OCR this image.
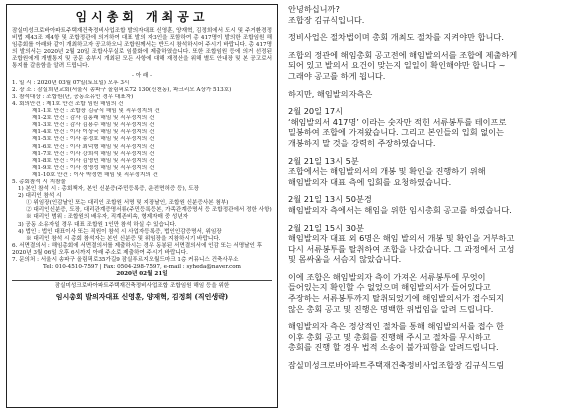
임시총회 개최공고
잠실미성크로바아파트주택재건축정비사업조합 발의자대표 신영훈, 양재혁, 김정희에서 도시 및 주거환경정비법 제43조 제4항 및 조합정관에 의거하여 대표 발의 자3인을 포함하여 총 417명이 발의한 조합임원 해임총회를 아래와 같이 개최하고자 공고하오니 조합원께서는 반드시 참석하시어 주시기 바랍니다. 총 417명의 발의서는 2020년 2월 20일 조합사무실로 임불화에 제출하였습니다. 또한 조합임원 등에 의거 선정된 조합원에게 개별통지 및 공문 송부시 개최된 모든 사항에 대해 재정산을 위해 별도 안내장 및 본 공고로서 통지를 갈음함을 알려 드립니다.
- 아 래 -
1. 일 시 : 2020년 03월 07일(토요일) 오후 3시
2. 장 소 : 잠실희년교회(서울시 송파구 올림픽로72 130(신천동), 파크리오 A상가 513호)
3. 참석대상 : 조합원(단, 공동소유인 경우 대표자)
4. 회의안건 : 제1호 안건 조합 임원 해임의 건
제1-1호 안건 : 조합장 김규식 해임 및 직무정지의 건
제1-2호 안건 : 감사 김홍래 해임 및 직무정지의 건
제1-3호 안건 : 감사 김용수 해임 및 직무정지의 건
제1-4호 안건 : 이사 이상국 해임 및 직무정지의 건
제1-5호 안건 : 이사 송정호 해임 및 직무정지의 건
제1-6호 안건 : 이사 최덕형 해임 및 직무정지의 건
제1-7호 안건 : 이사 강희석 해임 및 직무정지의 건
제1-8호 안건 : 이사 김영민 해임 및 직무정지의 건
제1-9호 안건 : 이사 정영성 해임 및 직무정지의 건
제1-10호 안건 : 이사 박정현 해임 및 직무정지의 건
5. 총회참석 시 지참물
1) 본인 참석 시 : 총회책자, 본인 신분증(주민등록증, 운전면허증 등), 도장
2) 대리인 참석 시
① 위임장(인감날인 또는 대리인 조합원 서명 및 지장날인, 조합원 신분증사본 첨부)
② 대리인신분증, 도장, 대리관계증명서류(주민등록등본, 가족관계증명서 등 조합정관에서 정한 사항)
※ 대리인 범위 : 조합원의 배우자, 직계존비속, 형제자매 중 성년자
3) 공동 소유자일 경우 대표 조합원 1인만 참석 하실 수 있습니다.
4) 법인 : 법인 대표이사 또는 직원이 참석 시 사업자등록증, 법인인감증명서, 위임장
※ 대리인 참석 시 총회 참석자는 본인 신분증 및 위임장을 지참하시기 바랍니다.
6. 서면결의서 : 해임총회에 서면결의서를 제출하시는 경우 동봉된 서면결의서에 인감 또는 서명날인 후 2020년 3월 06일 오후 6시까지 아래 주소로 제출하여 주시기 바랍니다.
7. 문의처 : 서울시 송파구 올림픽로35가길9 잠실푸르지오월드마크 1층 커뮤니스 건축사무소
Tel: 010-4510-7597 | Fax: 0504-298-7597, e-mail : syheda@naver.com
2020년 02월 21일
잠실미성크로바아파트주택재건축정비사업조합 조합임원 해임 등을 위한
임시총회 발의자대표 신영훈, 양재혁, 김정희 (직인생략)

안녕하십니까?
조합장 김규식입니다.

정비사업은 절차법이며 총회 개최도 절차를 지켜야만 합니다.

조합의 정관에 해임총회 공고전에 해임발의서를 조합에 제출하게
되어 있고 발의서 요건이 맞는지 일일이 확인해야만 합니다 ~
그래야 공고를 하게 됩니다.

하지만, 해임발의자측은

2월 20일 17시
‘해임발의서 417명’ 이라는 숫자만 적힌 서류봉투를 테이프로
밀봉하여 조합에 가져왔습니다. 그리고 본인들의 입회 없이는
개봉하지 말 것을 강력히 주장하였습니다.

2월 21일 13시 5분
조합에서는 해임발의서의 개봉 및 확인을 진행하기 위해
해임발의자 대표 측에 입회를 요청하였습니다.

2월 21일 13시 50분경
해임발의자 측에서는 해임을 위한 임시총회 공고를 하였습니다.

2월 21일 15시 30분
해임발의자 대표 외 6명은 해임 발의서 개봉 및 확인을 거부하고
다시 서류봉투를 탈취하여 조합을 나갔습니다. 그 과정에서 고성
및 몸싸움을 서슴지 않았습니다.

이에 조합은 해임발의자 측이 가져온 서류봉투에 무엇이
들어있는지 확인할 수 없었으며 해임발의서가 들어있다고
주장하는 서류봉투까지 탈취되었기에 해임발의서가 접수되지
않은 총회 공고 및 진행은 명백한 위법임을 알려 드립니다.

해임발의자 측은 정상적인 절차를 통해 해임발의서를 접수 한
이후 총회 공고 및 총회를 진행해 주시고 절차를 무시하고
총회를 진행 할 경우 법적 소송이 불가피함을 알려드립니다.

잠실미성크로바아파트주택재건축정비사업조합장 김규식드림
